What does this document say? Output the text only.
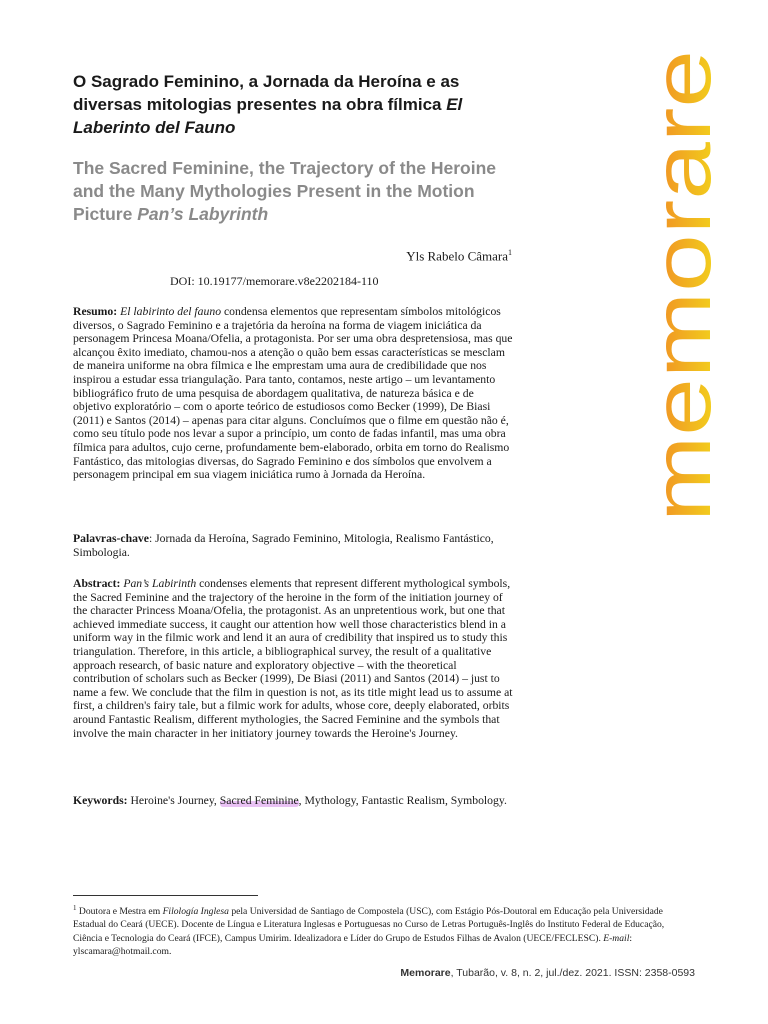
O Sagrado Feminino, a Jornada da Heroína e as diversas mitologias presentes na obra fílmica El Laberinto del Fauno
The Sacred Feminine, the Trajectory of the Heroine and the Many Mythologies Present in the Motion Picture Pan’s Labyrinth
Yls Rabelo Câmara$^1$
DOI: 10.19177/memorare.v8e2202184-110

Resumo: El labirinto del fauno condensa elementos que representam símbolos mitológicos diversos, o Sagrado Feminino e a trajetória da heroína na forma de viagem iniciática da personagem Princesa Moana/Ofelia, a protagonista. Por ser uma obra despretensiosa, mas que alcançou êxito imediato, chamou-nos a atenção o quão bem essas características se mesclam de maneira uniforme na obra fílmica e lhe emprestam uma aura de credibilidade que nos inspirou a estudar essa triangulação. Para tanto, contamos, neste artigo – um levantamento bibliográfico fruto de uma pesquisa de abordagem qualitativa, de natureza básica e de objetivo exploratório – com o aporte teórico de estudiosos como Becker (1999), De Biasi (2011) e Santos (2014) – apenas para citar alguns. Concluímos que o filme em questão não é, como seu título pode nos levar a supor a princípio, um conto de fadas infantil, mas uma obra fílmica para adultos, cujo cerne, profundamente bem-elaborado, orbita em torno do Realismo Fantástico, das mitologias diversas, do Sagrado Feminino e dos símbolos que envolvem a personagem principal em sua viagem iniciática rumo à Jornada da Heroína.

Palavras-chave: Jornada da Heroína, Sagrado Feminino, Mitologia, Realismo Fantástico, Simbologia.

Abstract: Pan’s Labirinth condenses elements that represent different mythological symbols, the Sacred Feminine and the trajectory of the heroine in the form of the initiation journey of the character Princess Moana/Ofelia, the protagonist. As an unpretentious work, but one that achieved immediate success, it caught our attention how well those characteristics blend in a uniform way in the filmic work and lend it an aura of credibility that inspired us to study this triangulation. Therefore, in this article, a bibliographical survey, the result of a qualitative approach research, of basic nature and exploratory objective – with the theoretical contribution of scholars such as Becker (1999), De Biasi (2011) and Santos (2014) – just to name a few. We conclude that the film in question is not, as its title might lead us to assume at first, a children's fairy tale, but a filmic work for adults, whose core, deeply elaborated, orbits around Fantastic Realism, different mythologies, the Sacred Feminine and the symbols that involve the main character in her initiatory journey towards the Heroine's Journey.

Keywords: Heroine's Journey, Sacred Feminine, Mythology, Fantastic Realism, Symbology.

$^1$ Doutora e Mestra em Filología Inglesa pela Universidad de Santiago de Compostela (USC), com Estágio Pós-Doutoral em Educação pela Universidade Estadual do Ceará (UECE). Docente de Língua e Literatura Inglesas e Portuguesas no Curso de Letras Português-Inglês do Instituto Federal de Educação, Ciência e Tecnologia do Ceará (IFCE), Campus Umirim. Idealizadora e Líder do Grupo de Estudos Filhas de Avalon (UECE/FECLESC). E-mail: ylscamara@hotmail.com.
Memorare, Tubarão, v. 8, n. 2, jul./dez. 2021. ISSN: 2358-0593
memorare
